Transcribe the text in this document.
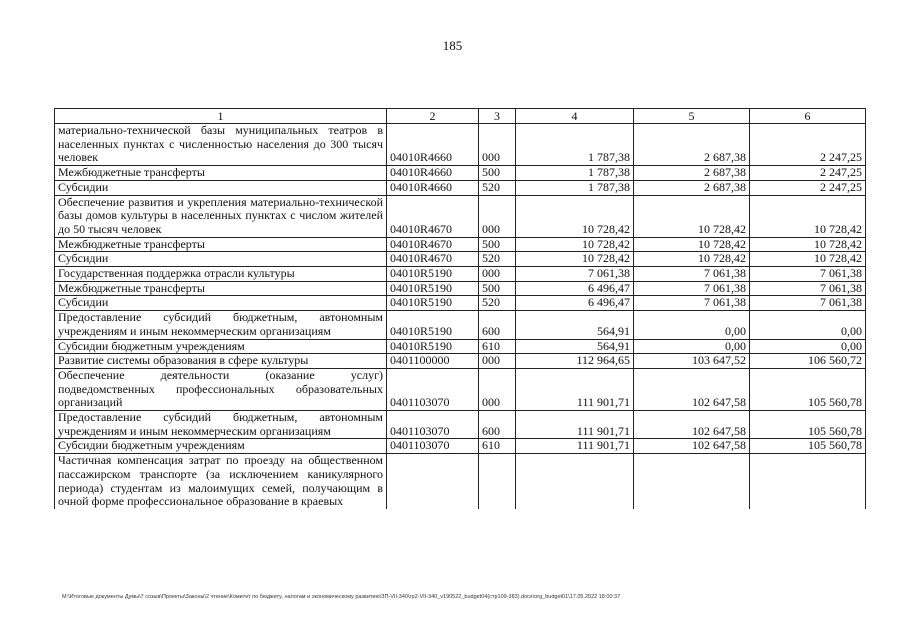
185
1	2	3	4	5	6
материально-технической базы муниципальных театров в населенных пунктах с численностью населения до 300 тысяч человек	04010R4660	000	1 787,38	2 687,38	2 247,25
Межбюджетные трансферты	04010R4660	500	1 787,38	2 687,38	2 247,25
Субсидии	04010R4660	520	1 787,38	2 687,38	2 247,25
Обеспечение развития и укрепления материально-технической базы домов культуры в населенных пунктах с числом жителей до 50 тысяч человек	04010R4670	000	10 728,42	10 728,42	10 728,42
Межбюджетные трансферты	04010R4670	500	10 728,42	10 728,42	10 728,42
Субсидии	04010R4670	520	10 728,42	10 728,42	10 728,42
Государственная поддержка отрасли культуры	04010R5190	000	7 061,38	7 061,38	7 061,38
Межбюджетные трансферты	04010R5190	500	6 496,47	7 061,38	7 061,38
Субсидии	04010R5190	520	6 496,47	7 061,38	7 061,38
Предоставление субсидий бюджетным, автономным учреждениям и иным некоммерческим организациям	04010R5190	600	564,91	0,00	0,00
Субсидии бюджетным учреждениям	04010R5190	610	564,91	0,00	0,00
Развитие системы образования в сфере культуры	0401100000	000	112 964,65	103 647,52	106 560,72
Обеспечение деятельности (оказание услуг) подведомственных профессиональных образовательных организаций	0401103070	000	111 901,71	102 647,58	105 560,78
Предоставление субсидий бюджетным, автономным учреждениям и иным некоммерческим организациям	0401103070	600	111 901,71	102 647,58	105 560,78
Субсидии бюджетным учреждениям	0401103070	610	111 901,71	102 647,58	105 560,78
Частичная компенсация затрат по проезду на общественном пассажирском транспорте (за исключением каникулярного периода) студентам из малоимущих семей, получающим в очной форме профессиональное образование в краевых					
M:\Итоговые документы Думы\7 созыв\Проекты\Законы\2 чтение\Комитет по бюджету, налогам и экономическому развитию\ЗП-VII-340\гр2-VII-340_v190522_budget04(стр109-383).docx\org_budget01\17.05.2022 18:00:37
